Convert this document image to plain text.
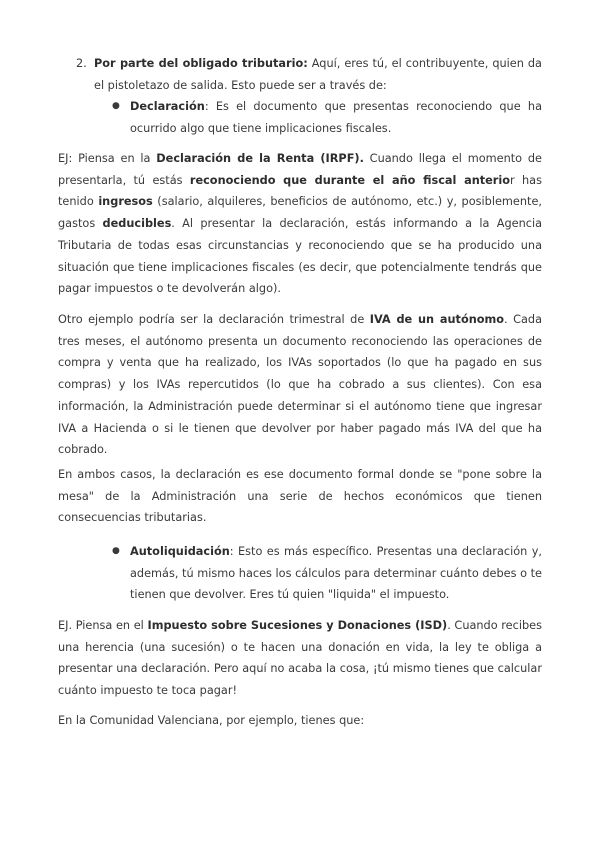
2. Por parte del obligado tributario: Aquí, eres tú, el contribuyente, quien da el pistoletazo de salida. Esto puede ser a través de:

● Declaración: Es el documento que presentas reconociendo que ha ocurrido algo que tiene implicaciones fiscales.

EJ: Piensa en la Declaración de la Renta (IRPF). Cuando llega el momento de presentarla, tú estás reconociendo que durante el año fiscal anterior has tenido ingresos (salario, alquileres, beneficios de autónomo, etc.) y, posiblemente, gastos deducibles. Al presentar la declaración, estás informando a la Agencia Tributaria de todas esas circunstancias y reconociendo que se ha producido una situación que tiene implicaciones fiscales (es decir, que potencialmente tendrás que pagar impuestos o te devolverán algo).

Otro ejemplo podría ser la declaración trimestral de IVA de un autónomo. Cada tres meses, el autónomo presenta un documento reconociendo las operaciones de compra y venta que ha realizado, los IVAs soportados (lo que ha pagado en sus compras) y los IVAs repercutidos (lo que ha cobrado a sus clientes). Con esa información, la Administración puede determinar si el autónomo tiene que ingresar IVA a Hacienda o si le tienen que devolver por haber pagado más IVA del que ha cobrado.

En ambos casos, la declaración es ese documento formal donde se "pone sobre la mesa" de la Administración una serie de hechos económicos que tienen consecuencias tributarias.

● Autoliquidación: Esto es más específico. Presentas una declaración y, además, tú mismo haces los cálculos para determinar cuánto debes o te tienen que devolver. Eres tú quien "liquida" el impuesto.

EJ. Piensa en el Impuesto sobre Sucesiones y Donaciones (ISD). Cuando recibes una herencia (una sucesión) o te hacen una donación en vida, la ley te obliga a presentar una declaración. Pero aquí no acaba la cosa, ¡tú mismo tienes que calcular cuánto impuesto te toca pagar!

En la Comunidad Valenciana, por ejemplo, tienes que:
